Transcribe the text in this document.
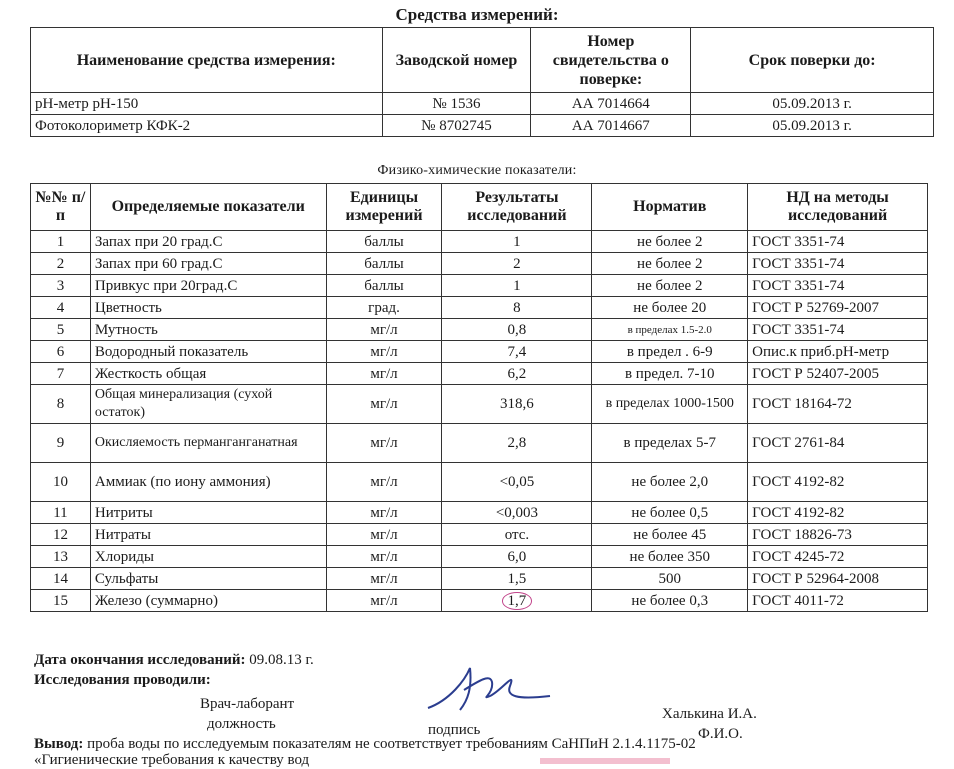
Средства измерений:
Наименование средства измерения:	Заводской номер	Номер свидетельства о поверке:	Срок поверки до:
pH-метр pH-150	№ 1536	АА 7014664	05.09.2013 г.
Фотоколориметр КФК-2	№ 8702745	АА 7014667	05.09.2013 г.
Физико-химические показатели:
№№ п/п	Определяемые показатели	Единицы измерений	Результаты исследований	Норматив	НД на методы исследований
1	Запах при 20 град.С	баллы	1	не более 2	ГОСТ 3351-74
2	Запах при 60 град.С	баллы	2	не более 2	ГОСТ 3351-74
3	Привкус при 20град.С	баллы	1	не более 2	ГОСТ 3351-74
4	Цветность	град.	8	не более 20	ГОСТ Р 52769-2007
5	Мутность	мг/л	0,8	в пределах 1.5-2.0	ГОСТ 3351-74
6	Водородный показатель	мг/л	7,4	в предел . 6-9	Опис.к приб.рН-метр
7	Жесткость общая	мг/л	6,2	в предел. 7-10	ГОСТ Р 52407-2005
8	Общая минерализация (сухой остаток)	мг/л	318,6	в пределах 1000-1500	ГОСТ 18164-72
9	Окисляемость перманганганатная	мг/л	2,8	в пределах 5-7	ГОСТ 2761-84
10	Аммиак (по иону аммония)	мг/л	<0,05	не более 2,0	ГОСТ 4192-82
11	Нитриты	мг/л	<0,003	не более 0,5	ГОСТ 4192-82
12	Нитраты	мг/л	отс.	не более 45	ГОСТ 18826-73
13	Хлориды	мг/л	6,0	не более 350	ГОСТ 4245-72
14	Сульфаты	мг/л	1,5	500	ГОСТ Р 52964-2008
15	Железо (суммарно)	мг/л	1,7	не более 0,3	ГОСТ 4011-72
Дата окончания исследований: 09.08.13 г.
Исследования проводили:
Врач-лаборант
должность	подпись
Халькина И.А.
Ф.И.О.
Вывод: проба воды по исследуемым показателям не соответствует требованиям СаНПиН 2.1.4.1175-02
«Гигиенические требования к качеству вод
